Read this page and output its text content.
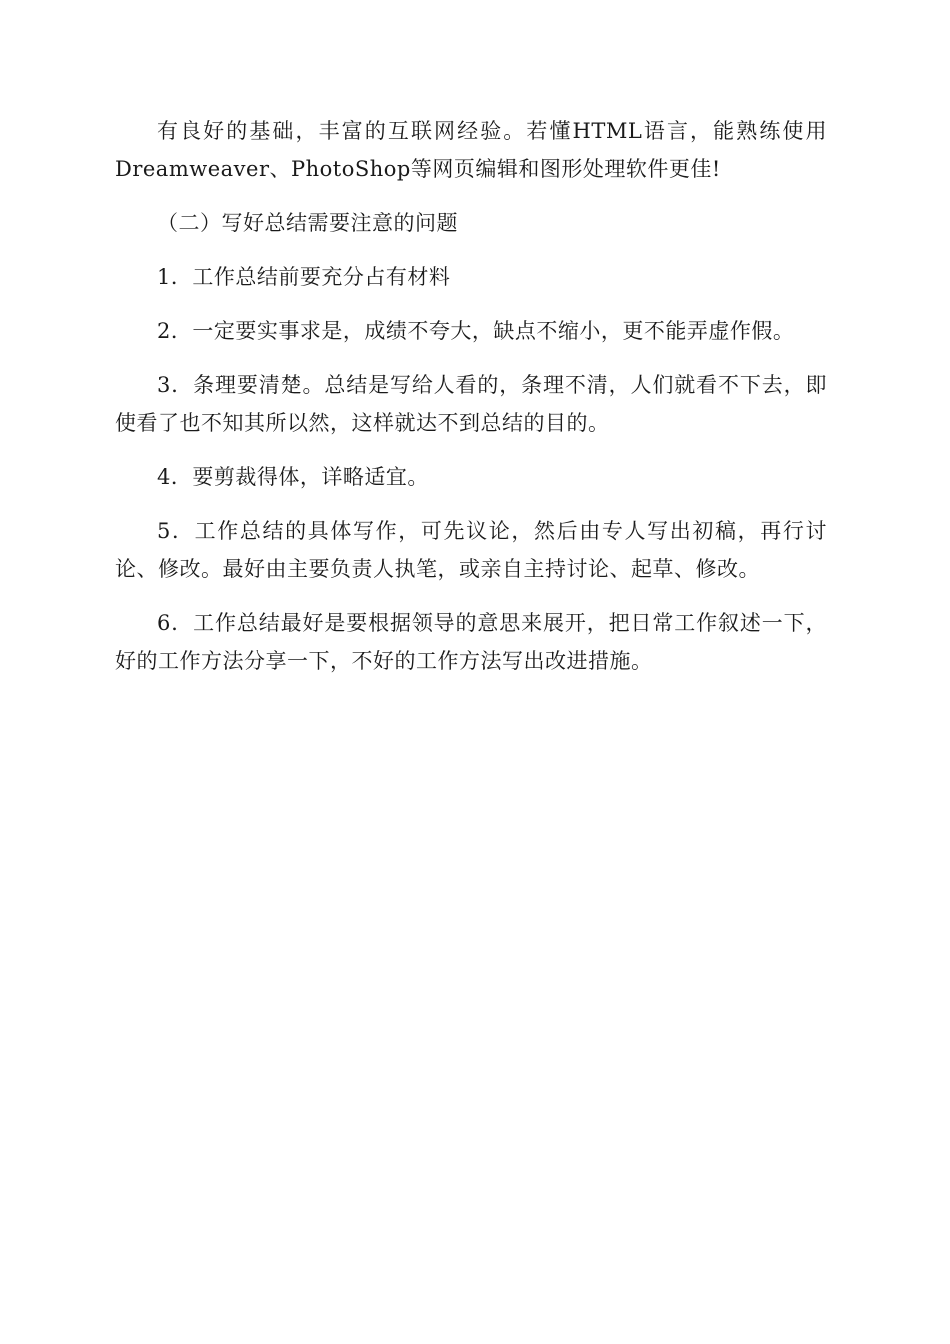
有良好的基础，丰富的互联网经验。若懂HTML语言，能熟练使用Dreamweaver、PhotoShop等网页编辑和图形处理软件更佳!

（二）写好总结需要注意的问题

1．工作总结前要充分占有材料

2．一定要实事求是，成绩不夸大，缺点不缩小，更不能弄虚作假。

3．条理要清楚。总结是写给人看的，条理不清，人们就看不下去，即使看了也不知其所以然，这样就达不到总结的目的。

4．要剪裁得体，详略适宜。

5．工作总结的具体写作，可先议论，然后由专人写出初稿，再行讨论、修改。最好由主要负责人执笔，或亲自主持讨论、起草、修改。

6．工作总结最好是要根据领导的意思来展开，把日常工作叙述一下，好的工作方法分享一下，不好的工作方法写出改进措施。
